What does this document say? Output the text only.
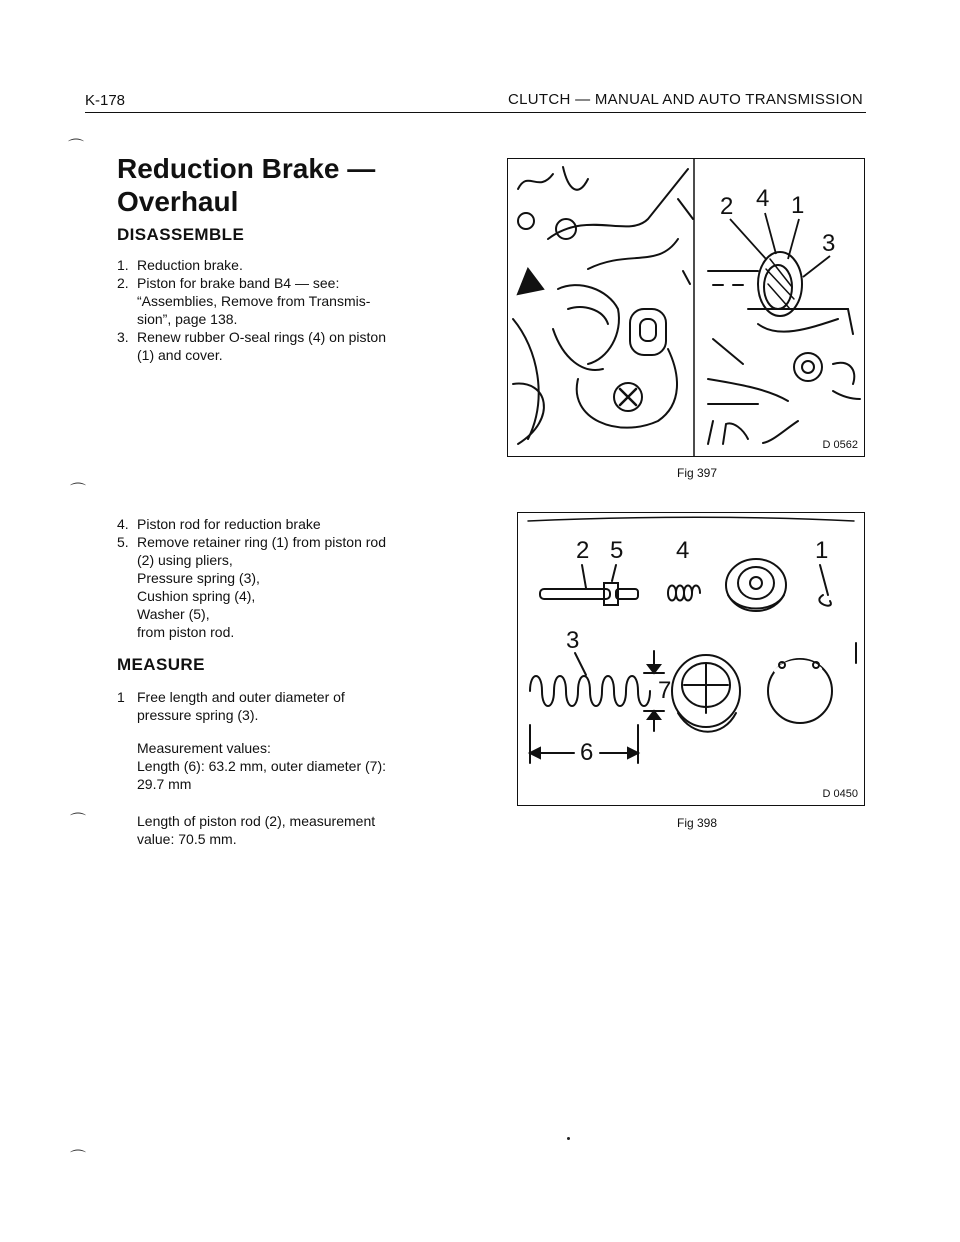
K-178	CLUTCH — MANUAL AND AUTO TRANSMISSION
Reduction Brake —
Overhaul
DISASSEMBLE
1. Reduction brake.
2. Piston for brake band B4 — see:
“Assemblies, Remove from Transmis-
sion”, page 138.
3. Renew rubber O-seal rings (4) on piston
(1) and cover.
4. Piston rod for reduction brake
5. Remove retainer ring (1) from piston rod
(2) using pliers,
Pressure spring (3),
Cushion spring (4),
Washer (5),
from piston rod.
MEASURE
1 Free length and outer diameter of
pressure spring (3).

Measurement values:

Length (6): 63.2 mm, outer diameter (7):
29.7 mm

Length of piston rod (2), measurement
value: 70.5 mm.

2 4 1
3
D 0562
Fig 397
2 5 4	1
3
7
6
D 0450
Fig 398
⌒
⌒
⌒
⌒
